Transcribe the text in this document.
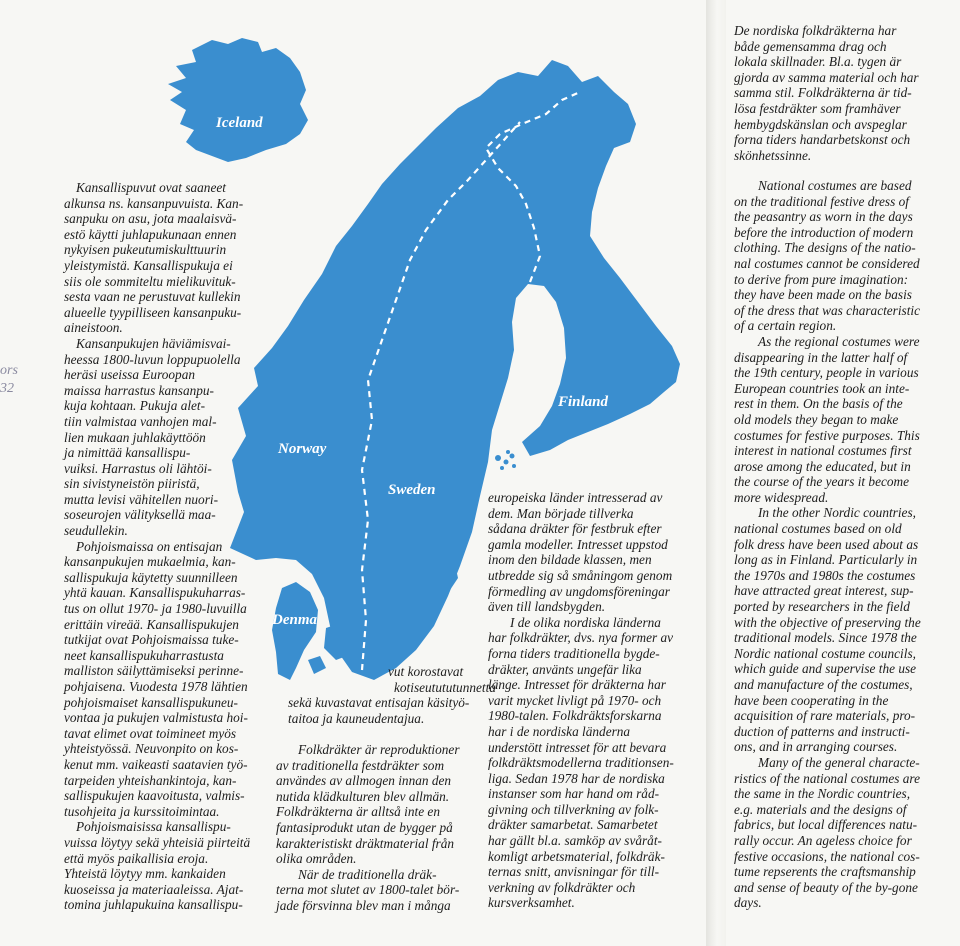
ors
32
Iceland
Norway
Sweden
Finland
Denma

Kansallispuvut ovat saaneet
alkunsa ns. kansanpuvuista. Kan-
sanpuku on asu, jota maalaisvä-
estö käytti juhlapukunaan ennen
nykyisen pukeutumiskulttuurin
yleistymistä. Kansallispukuja ei
siis ole sommiteltu mielikuvituk-
sesta vaan ne perustuvat kullekin
alueelle tyypilliseen kansanpuku-
aineistoon.

Kansanpukujen häviämisvai-
heessa 1800-luvun loppupuolella
heräsi useissa Euroopan
maissa harrastus kansanpu-
kuja kohtaan. Pukuja alet-
tiin valmistaa vanhojen mal-
lien mukaan juhlakäyttöön
ja nimittää kansallispu-
vuiksi. Harrastus oli lähtöi-
sin sivistyneistön piiristä,
mutta levisi vähitellen nuori-
soseurojen välityksellä maa-
seudullekin.

Pohjoismaissa on entisajan
kansanpukujen mukaelmia, kan-
sallispukuja käytetty suunnilleen
yhtä kauan. Kansallispukuharras-
tus on ollut 1970- ja 1980-luvuilla
erittäin vireää. Kansallispukujen
tutkijat ovat Pohjoismaissa tuke-
neet kansallispukuharrastusta
malliston säilyttämiseksi perinne-
pohjaisena. Vuodesta 1978 lähtien
pohjoismaiset kansallispukuneu-
vontaa ja pukujen valmistusta hoi-
tavat elimet ovat toimineet myös
yhteistyössä. Neuvonpito on kos-
kenut mm. vaikeasti saatavien työ-
tarpeiden yhteishankintoja, kan-
sallispukujen kaavoitusta, valmis-
tusohjeita ja kurssitoimintaa.

Pohjoismaisissa kansallispu-
vuissa löytyy sekä yhteisiä piirteitä
että myös paikallisia eroja.
Yhteistä löytyy mm. kankaiden
kuoseissa ja materiaaleissa. Ajat-
tomina juhlapukuina kansallispu-

vut korostavat
kotiseutututunnetta
sekä kuvastavat entisajan käsityö-
taitoa ja kauneudentajua.

Folkdräkter är reproduktioner
av traditionella festdräkter som
användes av allmogen innan den
nutida klädkulturen blev allmän.
Folkdräkterna är alltså inte en
fantasiprodukt utan de bygger på
karakteristiskt dräktmaterial från
olika områden.

När de traditionella dräk-
terna mot slutet av 1800-talet bör-
jade försvinna blev man i många

europeiska länder intresserad av
dem. Man började tillverka
sådana dräkter för festbruk efter
gamla modeller. Intresset uppstod
inom den bildade klassen, men
utbredde sig så småningom genom
förmedling av ungdomsföreningar
även till landsbygden.

I de olika nordiska länderna
har folkdräkter, dvs. nya former av
forna tiders traditionella bygde-
dräkter, använts ungefär lika
länge. Intresset för dräkterna har
varit mycket livligt på 1970- och
1980-talen. Folkdräktsforskarna
har i de nordiska länderna
understött intresset för att bevara
folkdräktsmodellerna traditionsen-
liga. Sedan 1978 har de nordiska
instanser som har hand om råd-
givning och tillverkning av folk-
dräkter samarbetat. Samarbetet
har gällt bl.a. samköp av svåråt-
komligt arbetsmaterial, folkdräk-
ternas snitt, anvisningar för till-
verkning av folkdräkter och
kursverksamhet.

De nordiska folkdräkterna har
både gemensamma drag och
lokala skillnader. Bl.a. tygen är
gjorda av samma material och har
samma stil. Folkdräkterna är tid-
lösa festdräkter som framhäver
hembygdskänslan och avspeglar
forna tiders handarbetskonst och
skönhetssinne.

National costumes are based
on the traditional festive dress of
the peasantry as worn in the days
before the introduction of modern
clothing. The designs of the natio-
nal costumes cannot be considered
to derive from pure imagination:
they have been made on the basis
of the dress that was characteristic
of a certain region.

As the regional costumes were
disappearing in the latter half of
the 19th century, people in various
European countries took an inte-
rest in them. On the basis of the
old models they began to make
costumes for festive purposes. This
interest in national costumes first
arose among the educated, but in
the course of the years it become
more widespread.

In the other Nordic countries,
national costumes based on old
folk dress have been used about as
long as in Finland. Particularly in
the 1970s and 1980s the costumes
have attracted great interest, sup-
ported by researchers in the field
with the objective of preserving the
traditional models. Since 1978 the
Nordic national costume councils,
which guide and supervise the use
and manufacture of the costumes,
have been cooperating in the
acquisition of rare materials, pro-
duction of patterns and instructi-
ons, and in arranging courses.

Many of the general characte-
ristics of the national costumes are
the same in the Nordic countries,
e.g. materials and the designs of
fabrics, but local differences natu-
rally occur. An ageless choice for
festive occasions, the national cos-
tume repserents the craftsmanship
and sense of beauty of the by-gone
days.
